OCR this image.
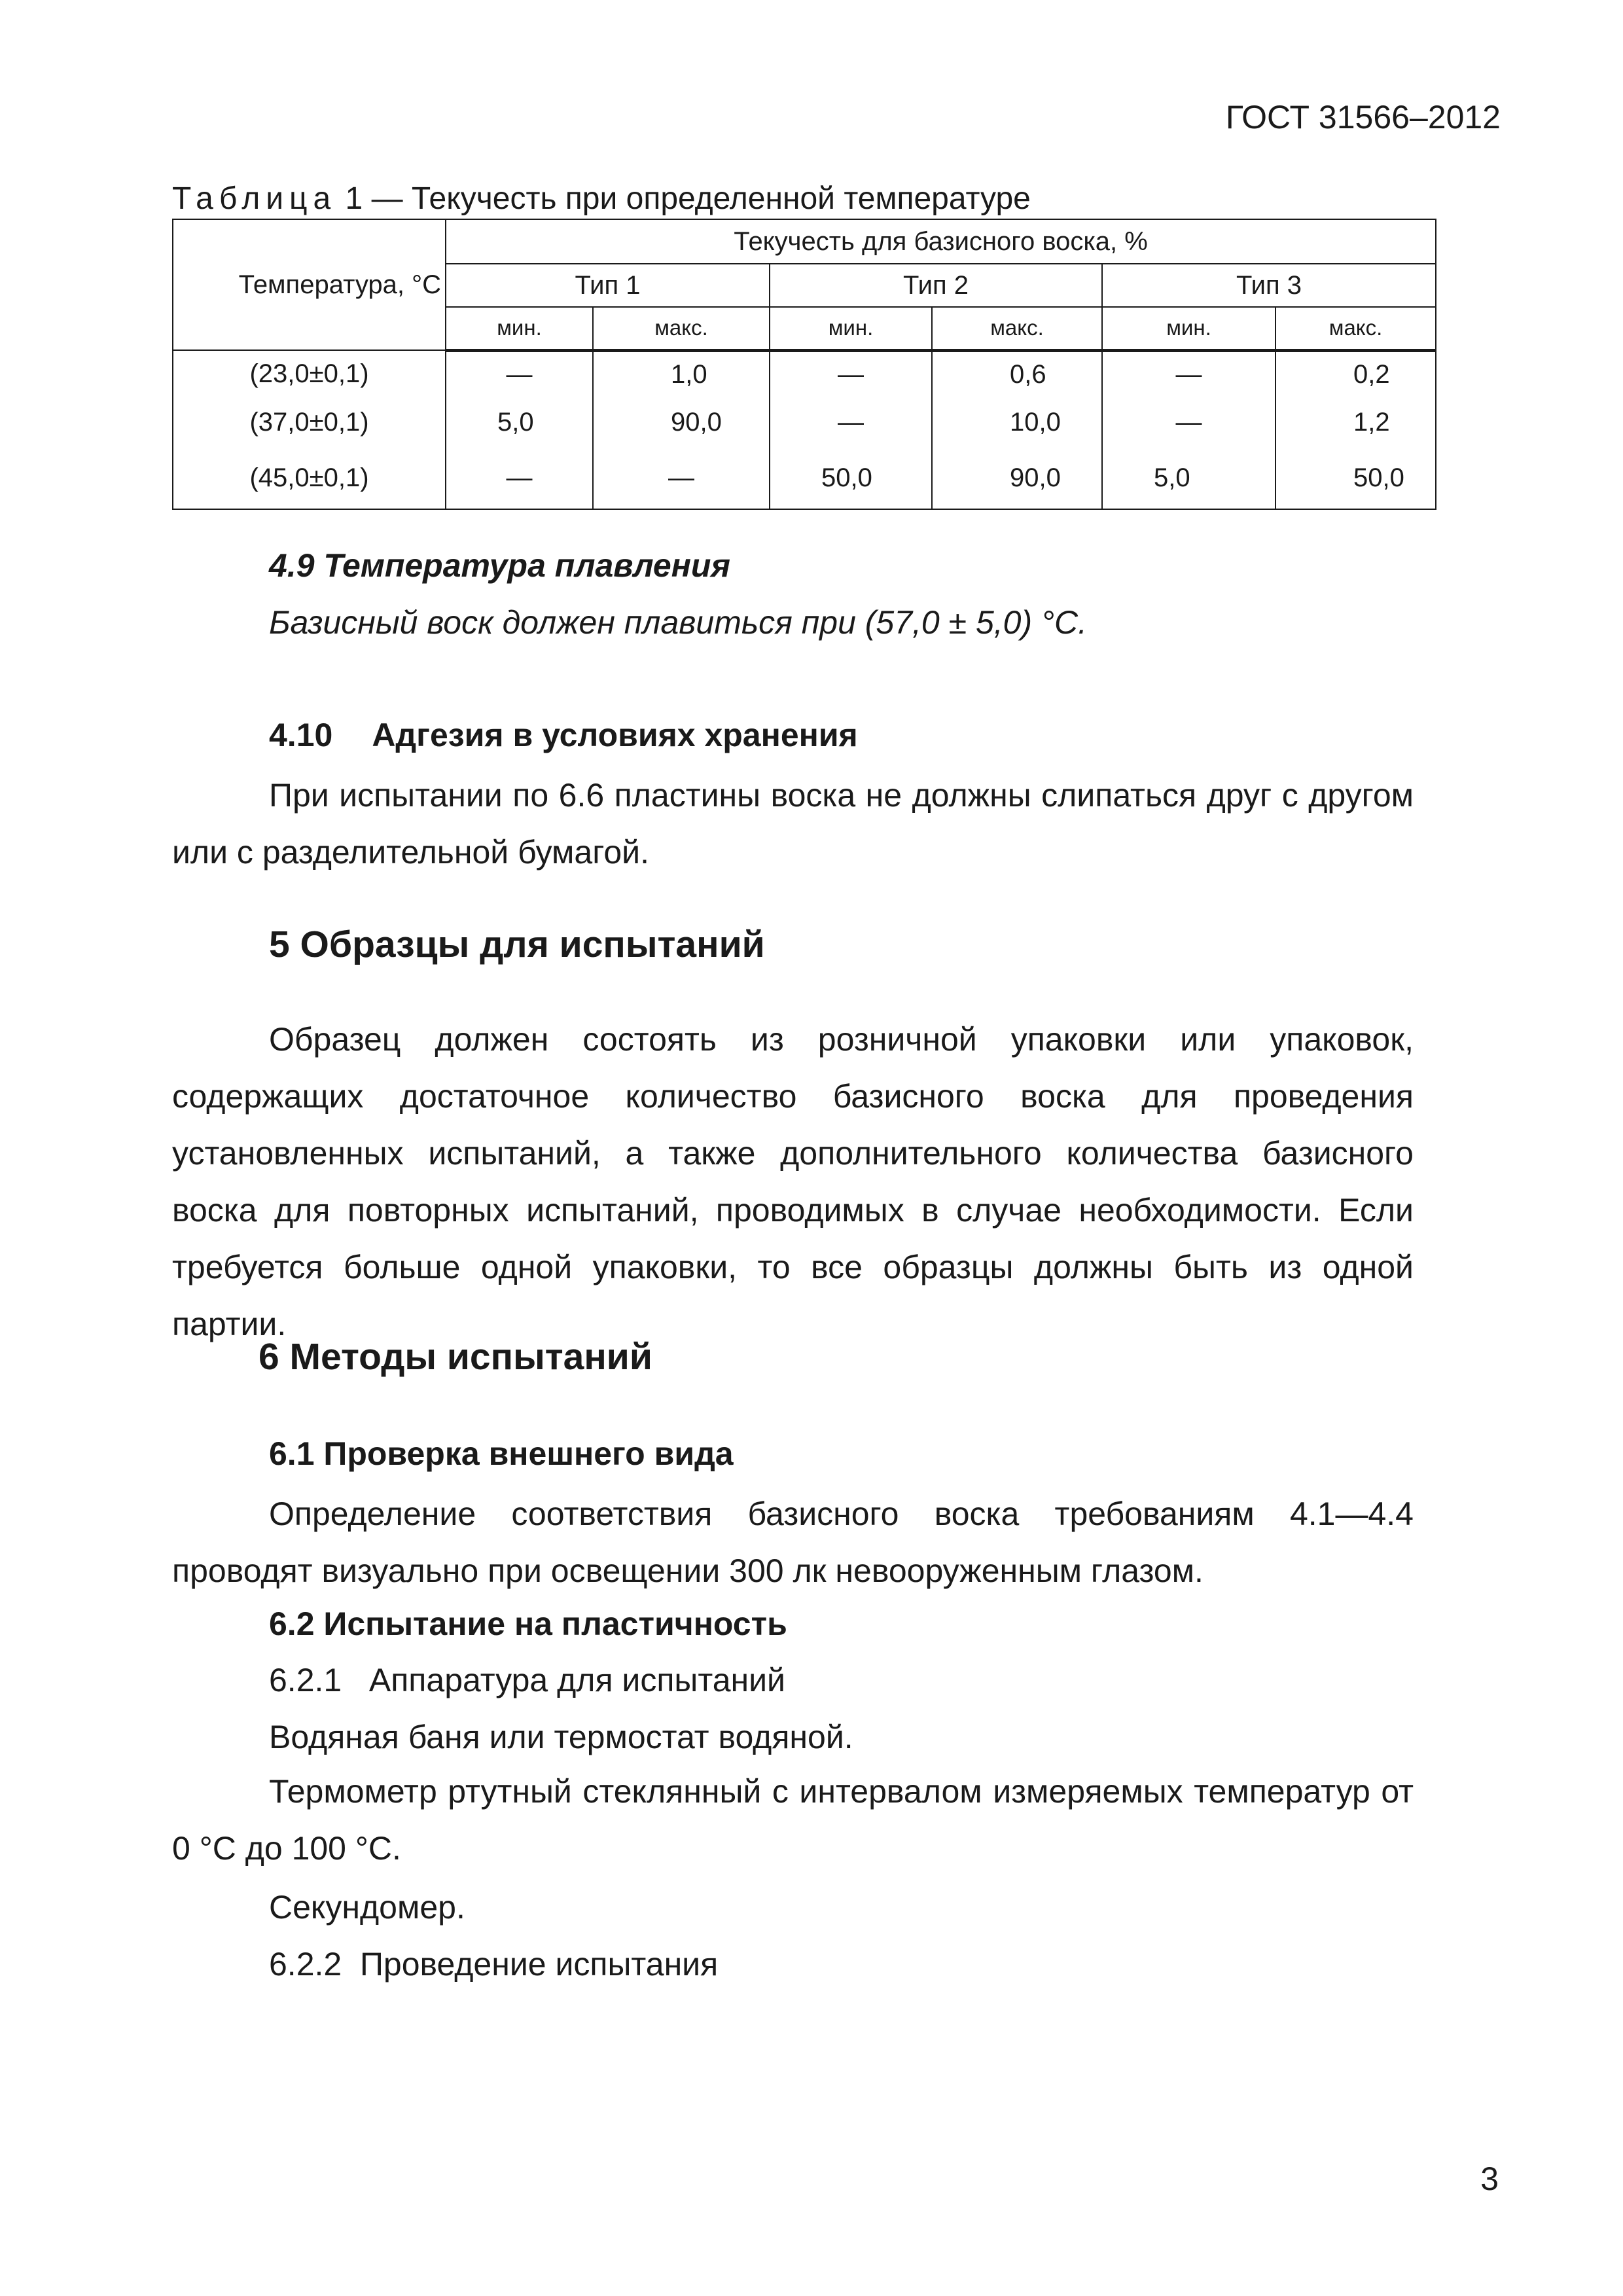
ГОСТ 31566–2012
Таблица 1 — Текучесть при определенной температуре
Температура, °С	Текучесть для базисного воска, %					
	Тип 1		Тип 2		Тип 3	
	мин.	макс.	мин.	макс.	мин.	макс.
(23,0±0,1)	—	1,0	—	0,6	—	0,2
(37,0±0,1)	5,0	90,0	—	10,0	—	1,2
(45,0±0,1)	—	—	50,0	90,0	5,0	50,0
4.9 Температура плавления
Базисный воск должен плавиться при (57,0 ± 5,0) °С.
4.10 Адгезия в условиях хранения
При испытании по 6.6 пластины воска не должны слипаться друг с другом или с разделительной бумагой.
5 Образцы для испытаний
Образец должен состоять из розничной упаковки или упаковок, содержащих достаточное количество базисного воска для проведения установленных испытаний, а также дополнительного количества базисного воска для повторных испытаний, проводимых в случае необходимости. Если требуется больше одной упаковки, то все образцы должны быть из одной партии.
6 Методы испытаний
6.1 Проверка внешнего вида
Определение соответствия базисного воска требованиям 4.1—4.4 проводят визуально при освещении 300 лк невооруженным глазом.
6.2 Испытание на пластичность
6.2.1   Аппаратура для испытаний
Водяная баня или термостат водяной.
Термометр ртутный стеклянный с интервалом измеряемых температур от 0 °С до 100 °С.
Секундомер.
6.2.2  Проведение испытания
3
